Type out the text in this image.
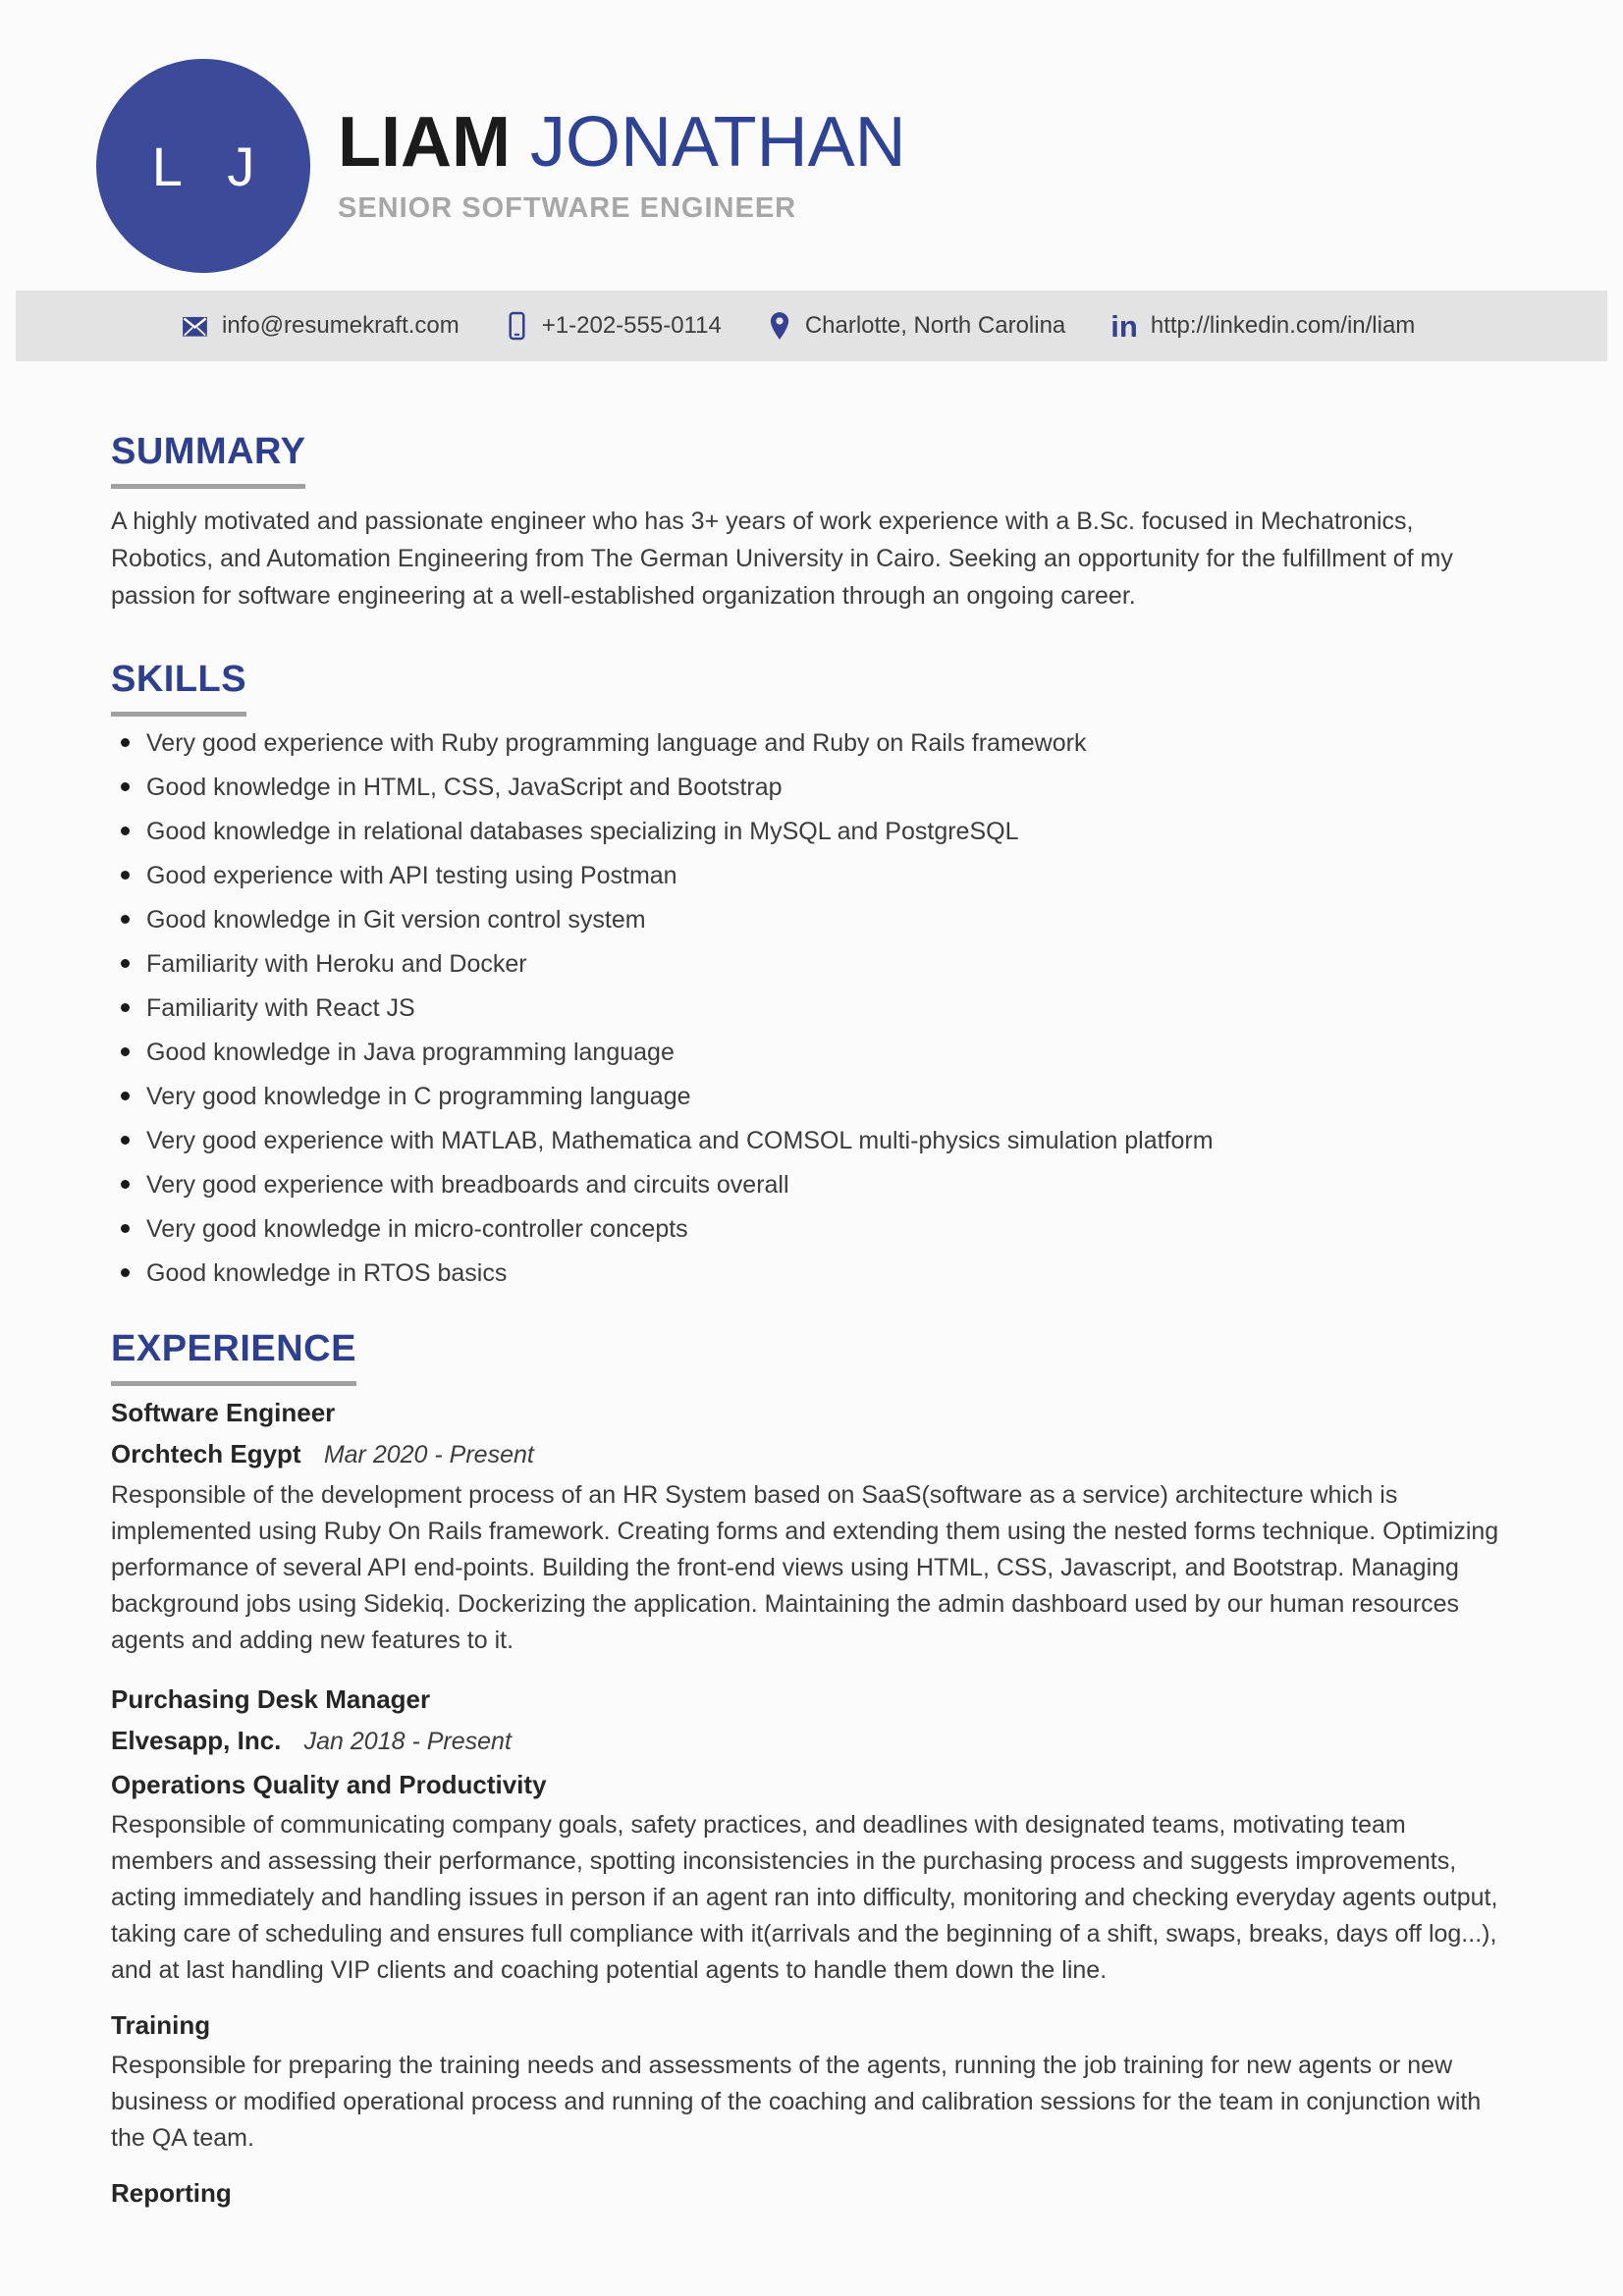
L J LIAM JONATHAN
SENIOR SOFTWARE ENGINEER
info@resumekraft.com	+1-202-555-0114	Charlotte, North Carolina in http://linkedin.com/in/liam
SUMMARY
A highly motivated and passionate engineer who has 3+ years of work experience with a B.Sc. focused in Mechatronics, Robotics, and Automation Engineering from The German University in Cairo. Seeking an opportunity for the fulfillment of my passion for software engineering at a well-established organization through an ongoing career.
SKILLS
Very good experience with Ruby programming language and Ruby on Rails framework
Good knowledge in HTML, CSS, JavaScript and Bootstrap
Good knowledge in relational databases specializing in MySQL and PostgreSQL
Good experience with API testing using Postman
Good knowledge in Git version control system
Familiarity with Heroku and Docker
Familiarity with React JS
Good knowledge in Java programming language
Very good knowledge in C programming language
Very good experience with MATLAB, Mathematica and COMSOL multi-physics simulation platform
Very good experience with breadboards and circuits overall
Very good knowledge in micro-controller concepts
Good knowledge in RTOS basics
EXPERIENCE
Software Engineer
Orchtech Egypt Mar 2020 - Present
Responsible of the development process of an HR System based on SaaS(software as a service) architecture which is implemented using Ruby On Rails framework. Creating forms and extending them using the nested forms technique. Optimizing performance of several API end-points. Building the front-end views using HTML, CSS, Javascript, and Bootstrap. Managing background jobs using Sidekiq. Dockerizing the application. Maintaining the admin dashboard used by our human resources agents and adding new features to it.
Purchasing Desk Manager
Elvesapp, Inc. Jan 2018 - Present
Operations Quality and Productivity
Responsible of communicating company goals, safety practices, and deadlines with designated teams, motivating team members and assessing their performance, spotting inconsistencies in the purchasing process and suggests improvements, acting immediately and handling issues in person if an agent ran into difficulty, monitoring and checking everyday agents output, taking care of scheduling and ensures full compliance with it(arrivals and the beginning of a shift, swaps, breaks, days off log...), and at last handling VIP clients and coaching potential agents to handle them down the line.
Training
Responsible for preparing the training needs and assessments of the agents, running the job training for new agents or new business or modified operational process and running of the coaching and calibration sessions for the team in conjunction with the QA team.
Reporting
